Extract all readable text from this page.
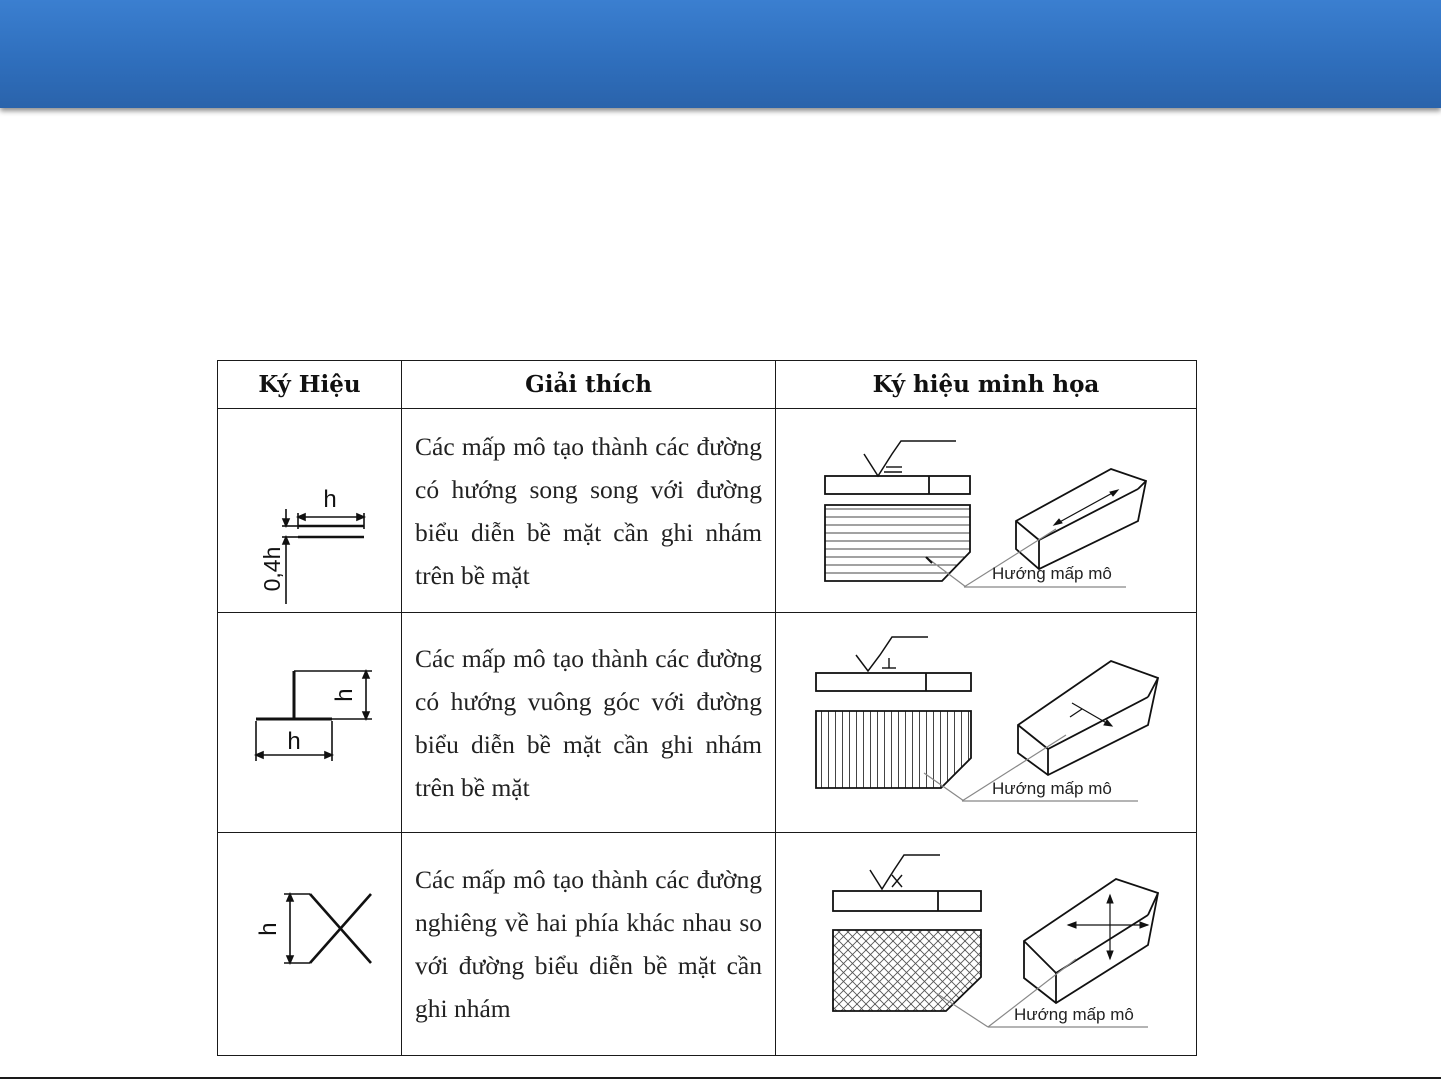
Ký Hiệu	Giải thích	Ký hiệu minh họa

h
0,4h	Các mấp mô tạo thành các đường có hướng song song với đường biểu diễn bề mặt cần ghi nhám trên bề mặt	Hướng mấp mô

h
h	Các mấp mô tạo thành các đường có hướng vuông góc với đường biểu diễn bề mặt cần ghi nhám trên bề mặt	Hướng mấp mô

h	Các mấp mô tạo thành các đường nghiêng về hai phía khác nhau so với đường biểu diễn bề mặt cần ghi nhám	Hướng mấp mô
